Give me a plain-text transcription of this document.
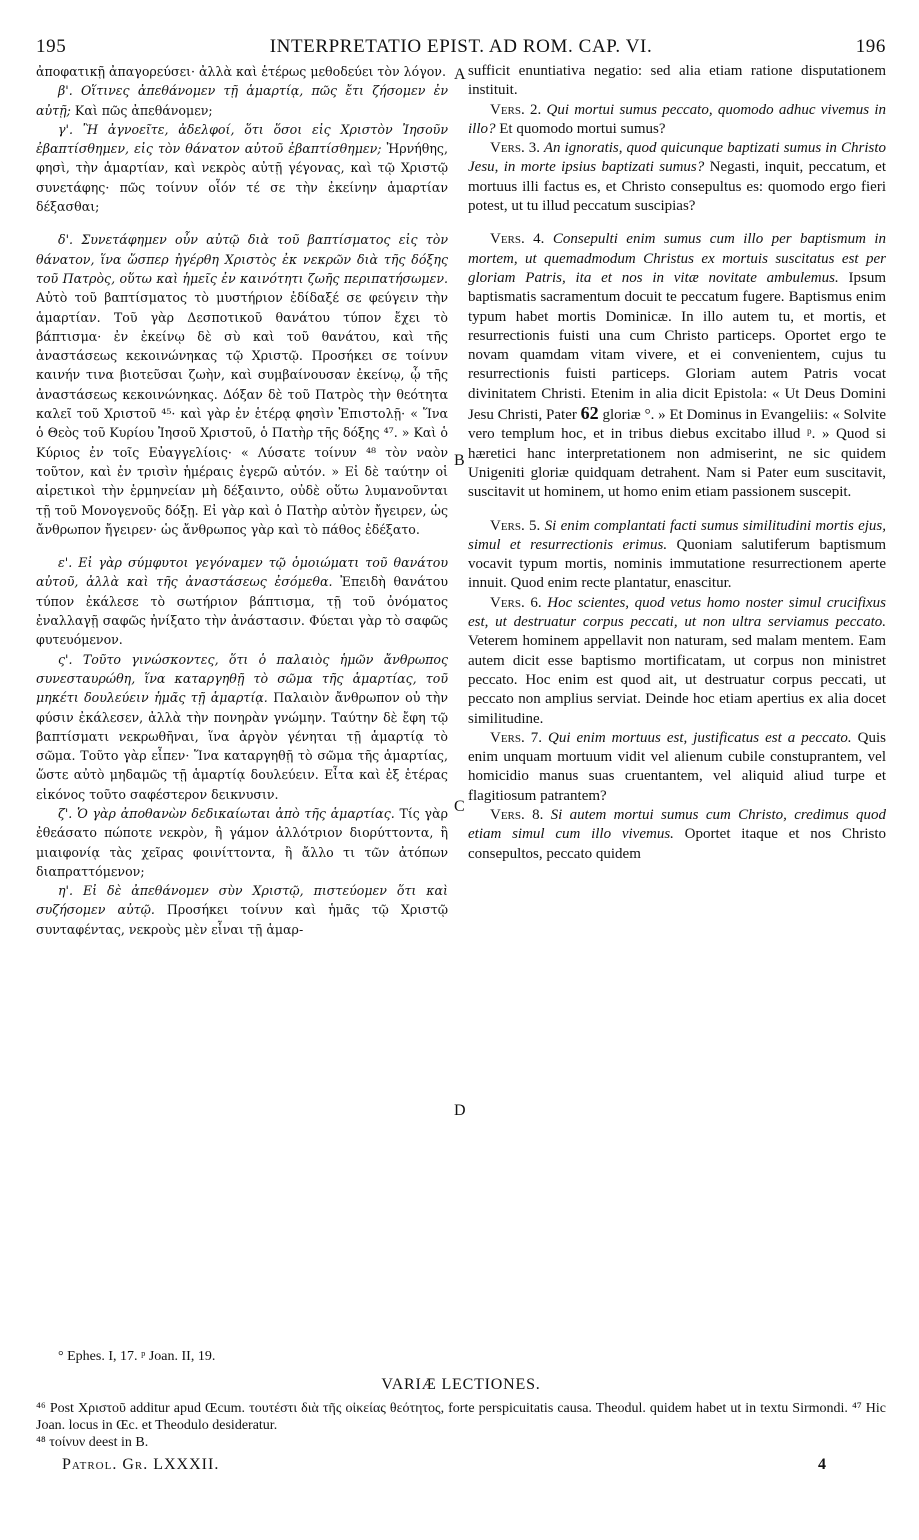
195	INTERPRETATIO EPIST. AD ROM. CAP. VI.	196

ἀποφατικῇ ἀπαγορεύσει· ἀλλὰ καὶ ἑτέρως μεθοδεύει τὸν λόγον.

β'. Οἵτινες ἀπεθάνομεν τῇ ἁμαρτίᾳ, πῶς ἔτι ζήσομεν ἐν αὐτῇ; Καὶ πῶς ἀπεθάνομεν;

γ'. Ἢ ἀγνοεῖτε, ἀδελφοί, ὅτι ὅσοι εἰς Χριστὸν Ἰησοῦν ἐβαπτίσθημεν, εἰς τὸν θάνατον αὐτοῦ ἐβαπτίσθημεν; Ἠρνήθης, φησὶ, τὴν ἁμαρτίαν, καὶ νεκρὸς αὐτῇ γέγονας, καὶ τῷ Χριστῷ συνετάφης· πῶς τοίνυν οἷόν τέ σε τὴν ἐκείνην ἁμαρτίαν δέξασθαι;

δ'. Συνετάφημεν οὖν αὐτῷ διὰ τοῦ βαπτίσματος εἰς τὸν θάνατον, ἵνα ὥσπερ ἠγέρθη Χριστὸς ἐκ νεκρῶν διὰ τῆς δόξης τοῦ Πατρὸς, οὕτω καὶ ἡμεῖς ἐν καινότητι ζωῆς περιπατήσωμεν. Αὐτὸ τοῦ βαπτίσματος τὸ μυστήριον ἐδίδαξέ σε φεύγειν τὴν ἁμαρτίαν. Τοῦ γὰρ Δεσποτικοῦ θανάτου τύπον ἔχει τὸ βάπτισμα· ἐν ἐκείνῳ δὲ σὺ καὶ τοῦ θανάτου, καὶ τῆς ἀναστάσεως κεκοινώνηκας τῷ Χριστῷ. Προσήκει σε τοίνυν καινήν τινα βιοτεῦσαι ζωὴν, καὶ συμβαίνουσαν ἐκείνῳ, ᾧ τῆς ἀναστάσεως κεκοινώνηκας. Δόξαν δὲ τοῦ Πατρὸς τὴν θεότητα καλεῖ τοῦ Χριστοῦ ⁴⁵· καὶ γὰρ ἐν ἑτέρᾳ φησὶν Ἐπιστολῇ· « Ἵνα ὁ Θεὸς τοῦ Κυρίου Ἰησοῦ Χριστοῦ, ὁ Πατὴρ τῆς δόξης ⁴⁷. » Καὶ ὁ Κύριος ἐν τοῖς Εὐαγγελίοις· « Λύσατε τοίνυν ⁴⁸ τὸν ναὸν τοῦτον, καὶ ἐν τρισὶν ἡμέραις ἐγερῶ αὐτόν. » Εἰ δὲ ταύτην οἱ αἱρετικοὶ τὴν ἑρμηνείαν μὴ δέξαιντο, οὐδὲ οὕτω λυμανοῦνται τῇ τοῦ Μονογενοῦς δόξῃ. Εἰ γὰρ καὶ ὁ Πατὴρ αὐτὸν ἤγειρεν, ὡς ἄνθρωπον ἤγειρεν· ὡς ἄνθρωπος γὰρ καὶ τὸ πάθος ἐδέξατο.

ε'. Εἰ γὰρ σύμφυτοι γεγόναμεν τῷ ὁμοιώματι τοῦ θανάτου αὐτοῦ, ἀλλὰ καὶ τῆς ἀναστάσεως ἐσόμεθα. Ἐπειδὴ θανάτου τύπον ἐκάλεσε τὸ σωτήριον βάπτισμα, τῇ τοῦ ὀνόματος ἐναλλαγῇ σαφῶς ἠνίξατο τὴν ἀνάστασιν. Φύεται γὰρ τὸ σαφῶς φυτευόμενον.

ς'. Τοῦτο γινώσκοντες, ὅτι ὁ παλαιὸς ἡμῶν ἄνθρωπος συνεσταυρώθη, ἵνα καταργηθῇ τὸ σῶμα τῆς ἁμαρτίας, τοῦ μηκέτι δουλεύειν ἡμᾶς τῇ ἁμαρτίᾳ. Παλαιὸν ἄνθρωπον οὐ τὴν φύσιν ἐκάλεσεν, ἀλλὰ τὴν πονηρὰν γνώμην. Ταύτην δὲ ἔφη τῷ βαπτίσματι νεκρωθῆναι, ἵνα ἀργὸν γένηται τῇ ἁμαρτίᾳ τὸ σῶμα. Τοῦτο γὰρ εἶπεν· Ἵνα καταργηθῇ τὸ σῶμα τῆς ἁμαρτίας, ὥστε αὐτὸ μηδαμῶς τῇ ἁμαρτίᾳ δουλεύειν. Εἶτα καὶ ἐξ ἑτέρας εἰκόνος τοῦτο σαφέστερον δεικνυσιν.

ζ'. Ὁ γὰρ ἀποθανὼν δεδικαίωται ἀπὸ τῆς ἁμαρτίας. Τίς γὰρ ἐθεάσατο πώποτε νεκρὸν, ἢ γάμον ἀλλότριον διορύττοντα, ἢ μιαιφονίᾳ τὰς χεῖρας φοινίττοντα, ἢ ἄλλο τι τῶν ἀτόπων διαπραττόμενον;

η'. Εἰ δὲ ἀπεθάνομεν σὺν Χριστῷ, πιστεύομεν ὅτι καὶ συζήσομεν αὐτῷ. Προσήκει τοίνυν καὶ ἡμᾶς τῷ Χριστῷ συνταφέντας, νεκροὺς μὲν εἶναι τῇ ἁμαρ-

A
B
C
D

sufficit enuntiativa negatio: sed alia etiam ratione disputationem instituit.

Vers. 2. Qui mortui sumus peccato, quomodo adhuc vivemus in illo? Et quomodo mortui sumus?

Vers. 3. An ignoratis, quod quicunque baptizati sumus in Christo Jesu, in morte ipsius baptizati sumus? Negasti, inquit, peccatum, et mortuus illi factus es, et Christo consepultus es: quomodo ergo fieri potest, ut tu illud peccatum suscipias?

Vers. 4. Consepulti enim sumus cum illo per baptismum in mortem, ut quemadmodum Christus ex mortuis suscitatus est per gloriam Patris, ita et nos in vitæ novitate ambulemus. Ipsum baptismatis sacramentum docuit te peccatum fugere. Baptismus enim typum habet mortis Dominicæ. In illo autem tu, et mortis, et resurrectionis fuisti una cum Christo particeps. Oportet ergo te novam quamdam vitam vivere, et ei convenientem, cujus tu resurrectionis fuisti particeps. Gloriam autem Patris vocat divinitatem Christi. Etenim in alia dicit Epistola: « Ut Deus Domini Jesu Christi, Pater 62 gloriæ °. » Et Dominus in Evangeliis: « Solvite vero templum hoc, et in tribus diebus excitabo illud ᵖ. » Quod si hæretici hanc interpretationem non admiserint, ne sic quidem Unigeniti gloriæ quidquam detrahent. Nam si Pater eum suscitavit, suscitavit ut hominem, ut homo enim etiam passionem suscepit.

Vers. 5. Si enim complantati facti sumus similitudini mortis ejus, simul et resurrectionis erimus. Quoniam salutiferum baptismum vocavit typum mortis, nominis immutatione resurrectionem aperte innuit. Quod enim recte plantatur, enascitur.

Vers. 6. Hoc scientes, quod vetus homo noster simul crucifixus est, ut destruatur corpus peccati, ut non ultra serviamus peccato. Veterem hominem appellavit non naturam, sed malam mentem. Eam autem dicit esse baptismo mortificatam, ut corpus non ministret peccato. Hoc enim est quod ait, ut destruatur corpus peccati, ut peccato non amplius serviat. Deinde hoc etiam apertius ex alia docet similitudine.

Vers. 7. Qui enim mortuus est, justificatus est a peccato. Quis enim unquam mortuum vidit vel alienum cubile constuprantem, vel homicidio manus suas cruentantem, vel aliquid aliud turpe et flagitiosum patrantem?

Vers. 8. Si autem mortui sumus cum Christo, credimus quod etiam simul cum illo vivemus. Oportet itaque et nos Christo consepultos, peccato quidem

° Ephes. I, 17. ᵖ Joan. II, 19.
VARIÆ LECTIONES.
⁴⁶ Post Χριστοῦ additur apud Œcum. τουτέστι διὰ τῆς οἰκείας θεότητος, forte perspicuitatis causa. Theodul. quidem habet ut in textu Sirmondi. ⁴⁷ Hic Joan. locus in Œc. et Theodulo desideratur.
⁴⁸ τοίνυν deest in B.
Patrol. Gr. LXXXII.	4
